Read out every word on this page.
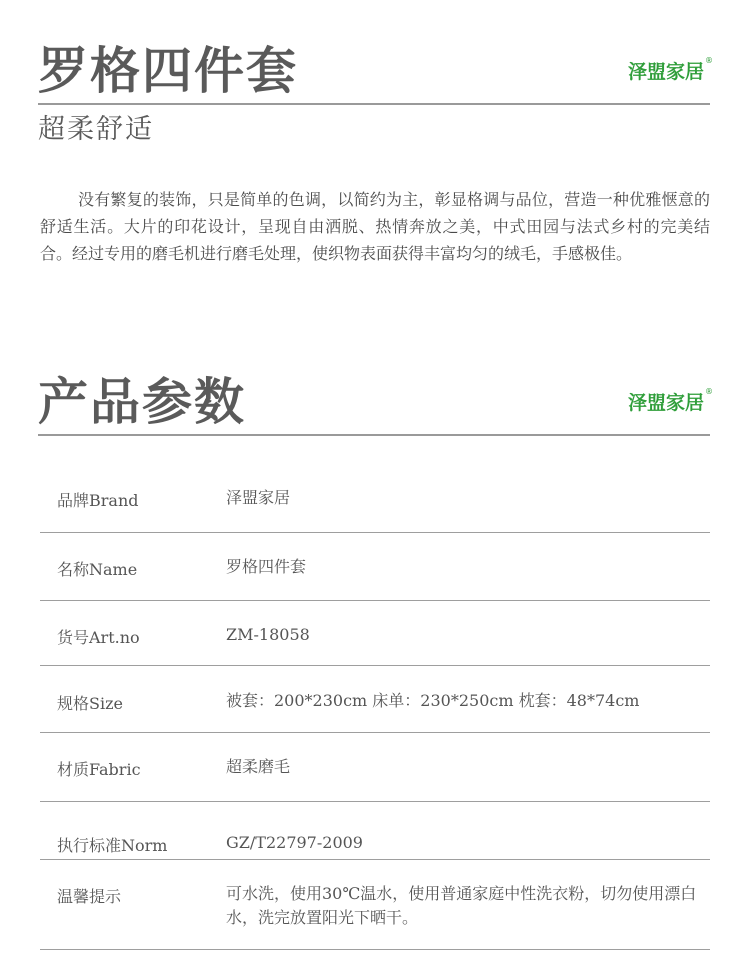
罗格四件套	泽盟家居®
超柔舒适

没有繁复的装饰，只是简单的色调，以简约为主，彰显格调与品位，营造一种优雅惬意的舒适生活。大片的印花设计，呈现自由洒脱、热情奔放之美，中式田园与法式乡村的完美结合。经过专用的磨毛机进行磨毛处理，使织物表面获得丰富均匀的绒毛，手感极佳。

产品参数	泽盟家居®
品牌Brand	泽盟家居
名称Name	罗格四件套
货号Art.no	ZM-18058
规格Size	被套：200*230cm 床单：230*250cm 枕套：48*74cm
材质Fabric	超柔磨毛
执行标准Norm	GZ/T22797-2009
温馨提示	可水洗，使用30℃温水，使用普通家庭中性洗衣粉，切勿使用漂白水，洗完放置阳光下晒干。
